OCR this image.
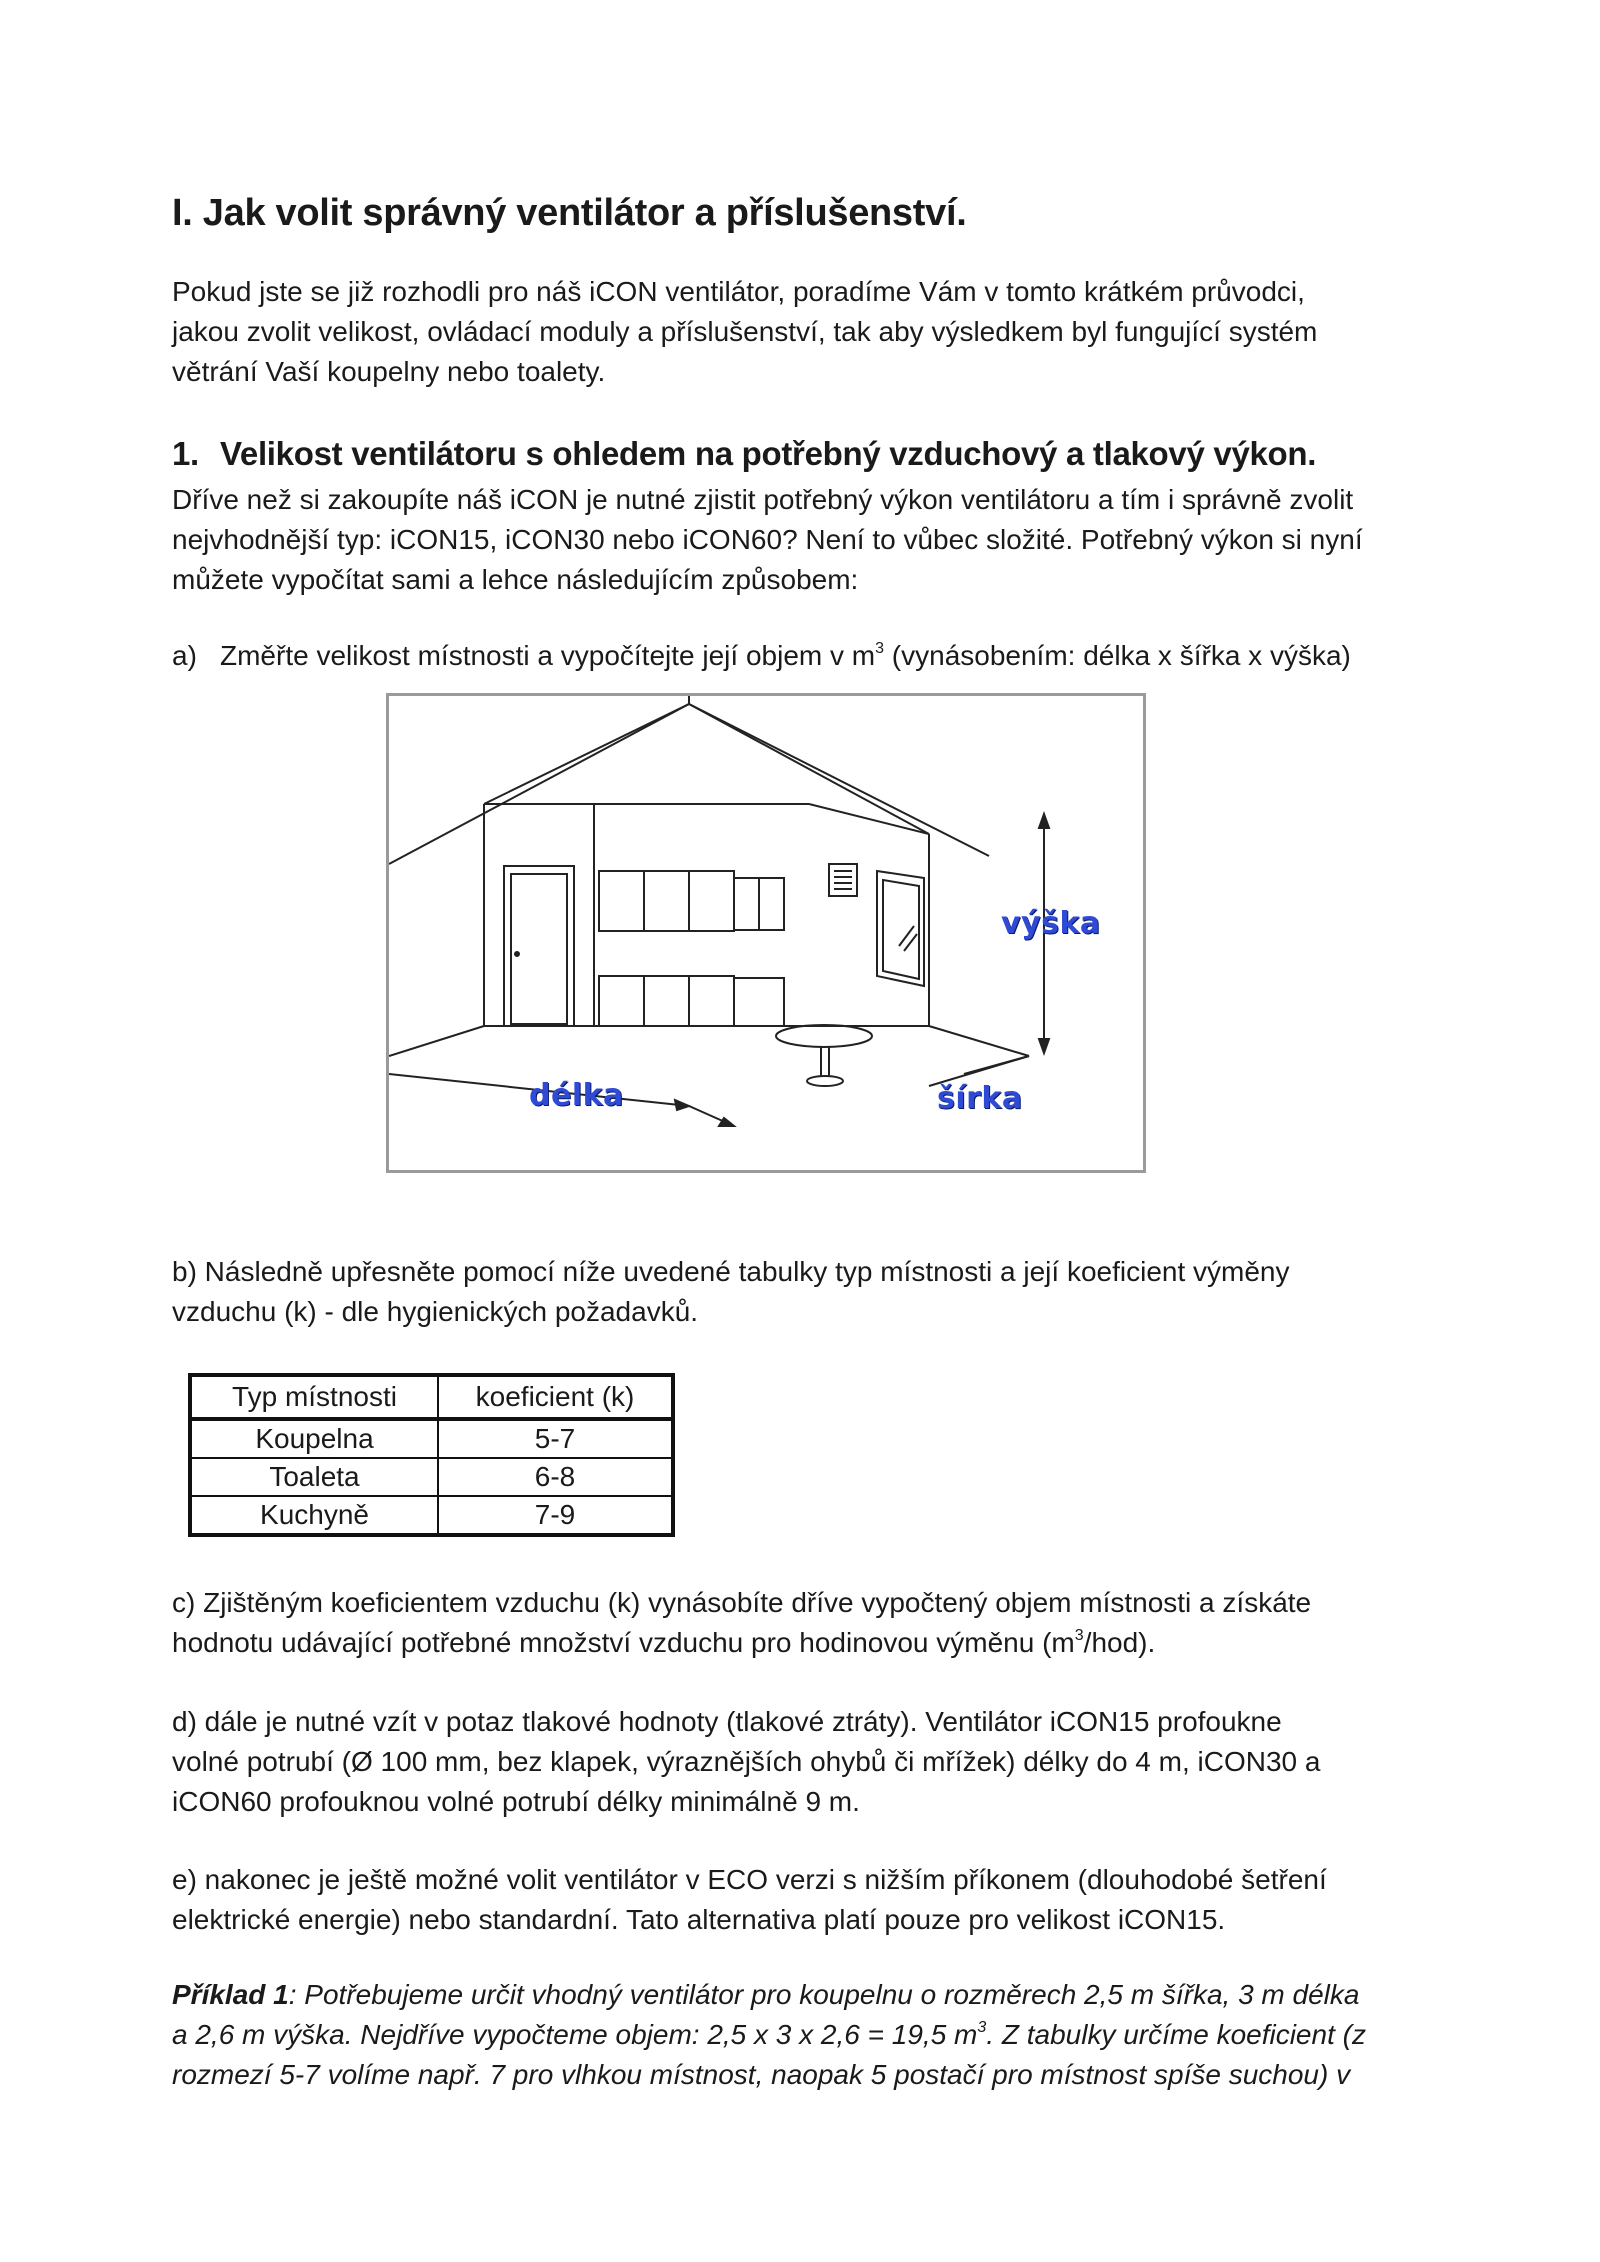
I. Jak volit správný ventilátor a příslušenství.

Pokud jste se již rozhodli pro náš iCON ventilátor, poradíme Vám v tomto krátkém průvodci,
jakou zvolit velikost, ovládací moduly a příslušenství, tak aby výsledkem byl fungující systém
větrání Vaší koupelny nebo toalety.

1. Velikost ventilátoru s ohledem na potřebný vzduchový a tlakový výkon.

Dříve než si zakoupíte náš iCON je nutné zjistit potřebný výkon ventilátoru a tím i správně zvolit
nejvhodnější typ: iCON15, iCON30 nebo iCON60? Není to vůbec složité. Potřebný výkon si nyní
můžete vypočítat sami a lehce následujícím způsobem:

a) Změřte velikost místnosti a vypočítejte její objem v $m^3$ (vynásobením: délka x šířka x výška)
výška
délka	šírka

b) Následně upřesněte pomocí níže uvedené tabulky typ místnosti a její koeficient výměny
vzduchu (k) - dle hygienických požadavků.

Typ místnosti	koeficient (k)
Koupelna	5-7
Toaleta	6-8
Kuchyně	7-9

c) Zjištěným koeficientem vzduchu (k) vynásobíte dříve vypočtený objem místnosti a získáte
hodnotu udávající potřebné množství vzduchu pro hodinovou výměnu $(m^3/hod)$.

d) dále je nutné vzít v potaz tlakové hodnoty (tlakové ztráty). Ventilátor iCON15 profoukne
volné potrubí (Ø 100 mm, bez klapek, výraznějších ohybů či mřížek) délky do 4 m, iCON30 a
iCON60 profouknou volné potrubí délky minimálně 9 m.

e) nakonec je ještě možné volit ventilátor v ECO verzi s nižším příkonem (dlouhodobé šetření
elektrické energie) nebo standardní. Tato alternativa platí pouze pro velikost iCON15.

Příklad 1: Potřebujeme určit vhodný ventilátor pro koupelnu o rozměrech 2,5 m šířka, 3 m délka
a 2,6 m výška. Nejdříve vypočteme objem: 2,5 x 3 x 2,6 = 19,5 $m^3$. Z tabulky určíme koeficient (z
rozmezí 5-7 volíme např. 7 pro vlhkou místnost, naopak 5 postačí pro místnost spíše suchou) v
